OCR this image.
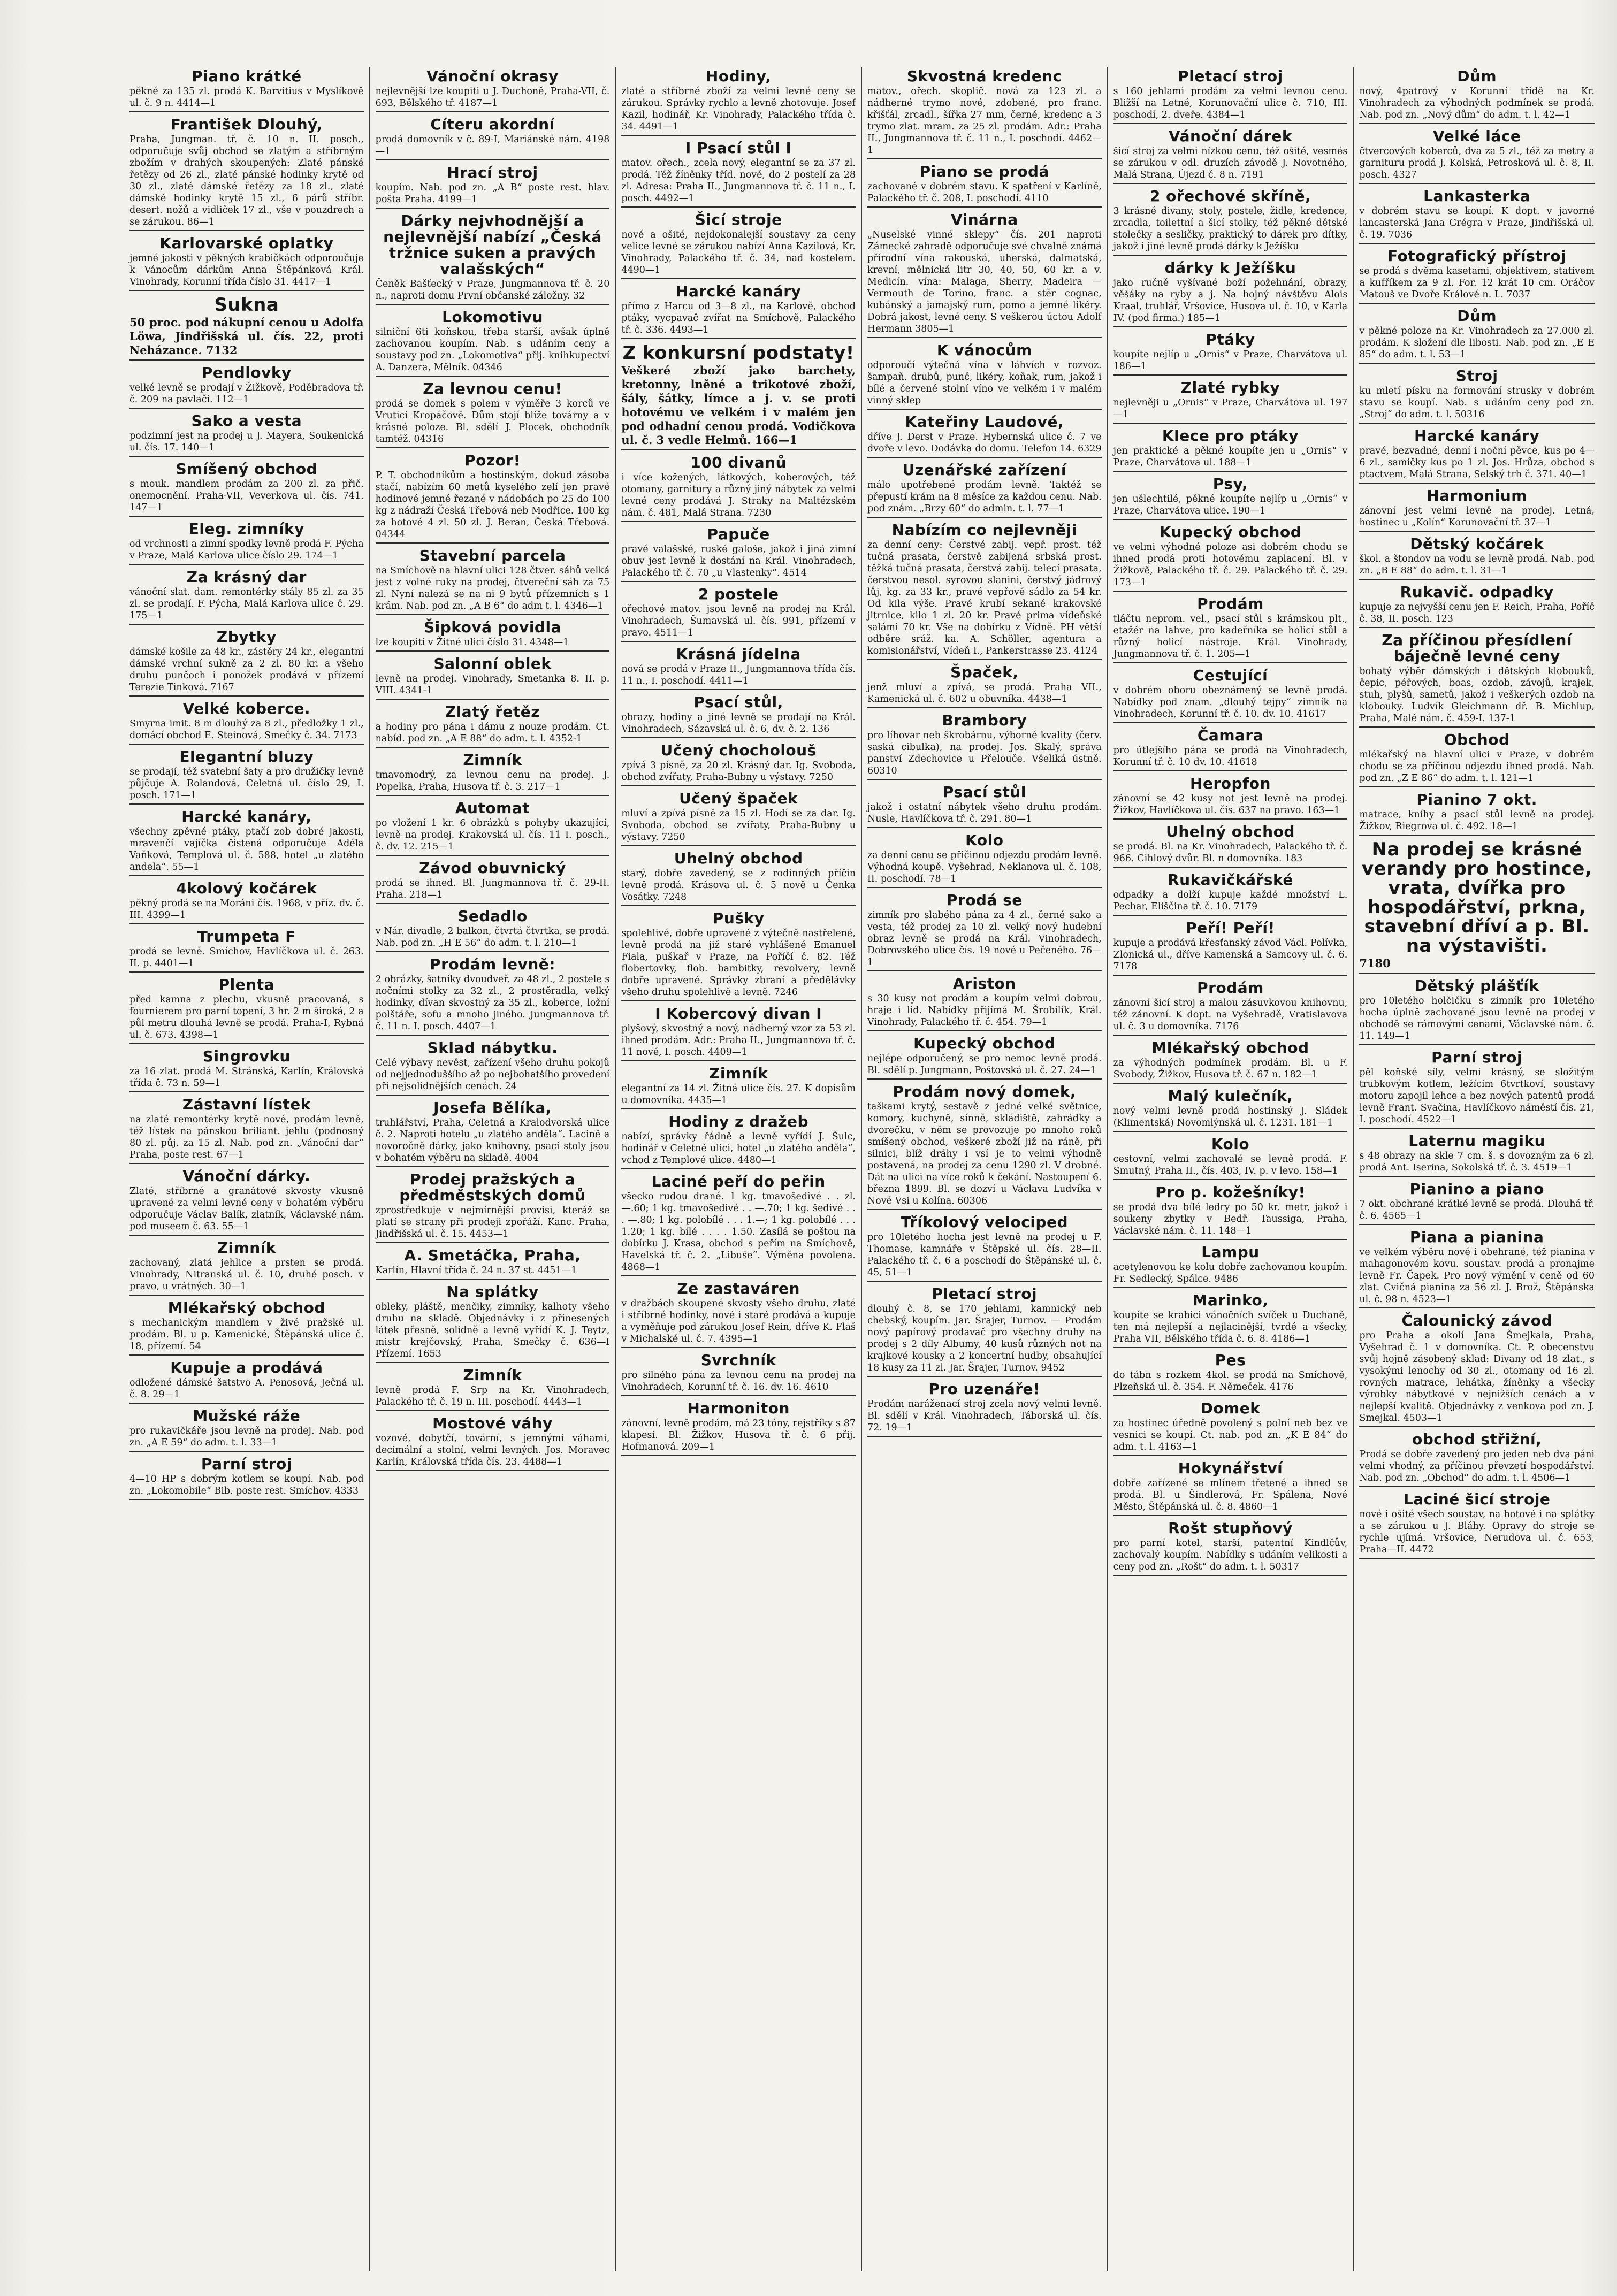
Piano krátké

pěkné za 135 zl. prodá K. Barvitius v Myslíkově ul. č. 9 n. 4414—1

František Dlouhý,

Praha, Jungman. tř. č. 10 n. II. posch., odporučuje svůj obchod se zlatým a stříbrným zbožím v drahých skoupených: Zlaté pánské řetězy od 26 zl., zlaté pánské hodinky krytě od 30 zl., zlaté dámské řetězy za 18 zl., zlaté dámské hodinky krytě 15 zl., 6 párů stříbr. desert. nožů a vidliček 17 zl., vše v pouzdrech a se zárukou. 86—1

Karlovarské oplatky

jemné jakosti v pěkných krabičkách odporoučuje k Vánocům dárkům Anna Štěpánková Král. Vinohrady, Korunní třída číslo 31. 4417—1

Sukna

50 proc. pod nákupní cenou u Adolfa Löwa, Jindřišská ul. čís. 22, proti Neházance. 7132

Pendlovky

velké levně se prodají v Žižkově, Poděbradova tř. č. 209 na pavlači. 112—1

Sako a vesta

podzimní jest na prodej u J. Mayera, Soukenická ul. čís. 17. 140—1

Smíšený obchod

s mouk. mandlem prodám za 200 zl. za přič. onemocnění. Praha-VII, Veverkova ul. čís. 741. 147—1

Eleg. zimníky

od vrchnosti a zimní spodky levně prodá F. Pýcha v Praze, Malá Karlova ulice číslo 29. 174—1

Za krásný dar

vánoční slat. dam. remontérky stály 85 zl. za 35 zl. se prodají. F. Pýcha, Malá Karlova ulice č. 29. 175—1

Zbytky

dámské košile za 48 kr., zástěry 24 kr., elegantní dámské vrchní sukně za 2 zl. 80 kr. a všeho druhu punčoch i ponožek prodává v přízemí Terezie Tinková. 7167

Velké koberce.

Smyrna imit. 8 m dlouhý za 8 zl., předložky 1 zl., domácí obchod E. Steinová, Smečky č. 34. 7173

Elegantní bluzy

se prodají, též svatební šaty a pro družičky levně půjčuje A. Rolandová, Celetná ul. číslo 29, I. posch. 171—1

Harcké kanáry,

všechny zpěvné ptáky, ptačí zob dobré jakosti, mravenčí vajíčka čistená odporučuje Adéla Vaňková, Templová ul. č. 588, hotel „u zlatého andela“. 55—1

4kolový kočárek

pěkný prodá se na Moráni čís. 1968, v příz. dv. č. III. 4399—1

Trumpeta F

prodá se levně. Smíchov, Havlíčkova ul. č. 263. II. p. 4401—1

Plenta

před kamna z plechu, vkusně pracovaná, s fournierem pro parní topení, 3 hr. 2 m široká, 2 a půl metru dlouhá levně se prodá. Praha-I, Rybná ul. č. 673. 4398—1

Singrovku

za 16 zlat. prodá M. Stránská, Karlín, Královská třída č. 73 n. 59—1

Zástavní lístek

na zlaté remontérky krytě nové, prodám levně, též lístek na pánskou briliant. jehlu (podnosný 80 zl. půj. za 15 zl. Nab. pod zn. „Vánoční dar“ Praha, poste rest. 67—1

Vánoční dárky.

Zlaté, stříbrné a granátové skvosty vkusně upravené za velmi levné ceny v bohatém výběru odporučuje Václav Balík, zlatník, Václavské nám. pod museem č. 63. 55—1

Zimník

zachovaný, zlatá jehlice a prsten se prodá. Vinohrady, Nitranská ul. č. 10, druhé posch. v pravo, u vrátných. 30—1

Mlékařský obchod

s mechanickým mandlem v živé pražské ul. prodám. Bl. u p. Kamenické, Štěpánská ulice č. 18, přízemí. 54

Kupuje a prodává

odložené dámské šatstvo A. Penosová, Ječná ul. č. 8. 29—1

Mužské ráže

pro rukavičkáře jsou levně na prodej. Nab. pod zn. „A E 59“ do adm. t. l. 33—1

Parní stroj

4—10 HP s dobrým kotlem se koupí. Nab. pod zn. „Lokomobile“ Bib. poste rest. Smíchov. 4333

Vánoční okrasy

nejlevnější lze koupiti u J. Duchoně, Praha-VII, č. 693, Bělského tř. 4187—1

Cíteru akordní

prodá domovník v č. 89-I, Mariánské nám. 4198—1

Hrací stroj

koupím. Nab. pod zn. „A B“ poste rest. hlav. pošta Praha. 4199—1

Dárky nejvhodnější a nejlevnější nabízí „Česká tržnice suken a pravých valašských“

Čeněk Bašťecký v Praze, Jungmannova tř. č. 20 n., naproti domu První občanské záložny. 32

Lokomotivu

silniční 6ti koňskou, třeba starší, avšak úplně zachovanou koupím. Nab. s udáním ceny a soustavy pod zn. „Lokomotiva“ přij. knihkupectví A. Danzera, Mělník. 04346

Za levnou cenu!

prodá se domek s polem v výměře 3 korců ve Vrutici Kropáčově. Dům stojí blíže továrny a v krásné poloze. Bl. sdělí J. Plocek, obchodník tamtéž. 04316

Pozor!

P. T. obchodníkům a hostinským, dokud zásoba stačí, nabízím 60 metů kyselého zelí jen pravé hodinové jemné řezané v nádobách po 25 do 100 kg z nádraží Česká Třebová neb Modřice. 100 kg za hotové 4 zl. 50 zl. J. Beran, Česká Třebová. 04344

Stavební parcela

na Smíchově na hlavní ulici 128 čtver. sáhů velká jest z volné ruky na prodej, čtvereční sáh za 75 zl. Nyní nalezá se na ni 9 bytů přízemních s 1 krám. Nab. pod zn. „A B 6“ do adm t. l. 4346—1

Šipková povidla

lze koupiti v Žitné ulici číslo 31. 4348—1

Salonní oblek

levně na prodej. Vinohrady, Smetanka 8. II. p. VIII. 4341-1

Zlatý řetěz

a hodiny pro pána i dámu z nouze prodám. Ct. nabíd. pod zn. „A E 88“ do adm. t. l. 4352-1

Zimník

tmavomodrý, za levnou cenu na prodej. J. Popelka, Praha, Husova tř. č. 3. 217—1

Automat

po vložení 1 kr. 6 obrázků s pohyby ukazující, levně na prodej. Krakovská ul. čís. 11 I. posch., č. dv. 12. 215—1

Závod obuvnický

prodá se ihned. Bl. Jungmannova tř. č. 29-II. Praha. 218—1

Sedadlo

v Nár. divadle, 2 balkon, čtvrtá čtvrtka, se prodá. Nab. pod zn. „H E 56“ do adm. t. l. 210—1

Prodám levně:

2 obrázky, šatníky dvoudveř. za 48 zl., 2 postele s nočními stolky za 32 zl., 2 prostěradla, velký hodinky, dívan skvostný za 35 zl., koberce, ložní polštáře, sofu a mnoho jiného. Jungmannova tř. č. 11 n. I. posch. 4407—1

Sklad nábytku.

Celé výbavy nevěst, zařízení všeho druhu pokojů od nejjednoduššího až po nejbohatšího provedení při nejsolidnějších cenách. 24

Josefa Bělíka,

truhlářství, Praha, Celetná a Kralodvorská ulice č. 2. Naproti hotelu „u zlatého anděla“. Lacině a novoročně dárky, jako knihovny, psací stoly jsou v bohatém výběru na skladě. 4004

Prodej pražských a předměstských domů

zprostředkuje v nejmírnější provisi, kteráž se platí se strany při prodeji zpořáží. Kanc. Praha, Jindřišská ul. č. 15. 4453—1

A. Smetáčka, Praha,

Karlín, Hlavní třída č. 24 n. 37 st. 4451—1

Na splátky

obleky, pláště, menčiky, zimníky, kalhoty všeho druhu na skladě. Objednávky i z přinesených látek přesně, solidně a levně vyřídí K. J. Teytz, mistr krejčovský, Praha, Smečky č. 636—I Přízemí. 1653

Zimník

levně prodá F. Srp na Kr. Vinohradech, Palackého tř. č. 19 n. III. poschodí. 4443—1

Mostové váhy

vozové, dobytčí, tovární, s jemnými váhami, decimální a stolní, velmi levných. Jos. Moravec Karlín, Královská třída čís. 23. 4488—1

Hodiny,

zlaté a stříbrné zboží za velmi levné ceny se zárukou. Správky rychlo a levně zhotovuje. Josef Kazil, hodinář, Kr. Vinohrady, Palackého třída č. 34. 4491—1

I Psací stůl I

matov. ořech., zcela nový, elegantní se za 37 zl. prodá. Též žíněnky tříd. nové, do 2 postelí za 28 zl. Adresa: Praha II., Jungmannova tř. č. 11 n., I. posch. 4492—1

Šicí stroje

nové a ošité, nejdokonalejší soustavy za ceny velice levné se zárukou nabízí Anna Kazilová, Kr. Vinohrady, Palackého tř. č. 34, nad kostelem. 4490—1

Harcké kanáry

přímo z Harcu od 3—8 zl., na Karlově, obchod ptáky, vycpavač zvířat na Smíchově, Palackého tř. č. 336. 4493—1

Z konkursní podstaty!

Veškeré zboží jako barchety, kretonny, lněné a trikotové zboží, šály, šátky, límce a j. v. se proti hotovému ve velkém i v malém jen pod odhadní cenou prodá. Vodičkova ul. č. 3 vedle Helmů. 166—1

100 divanů

i více kožených, látkových, koberových, též otomany, garnitury a různý jiný nábytek za velmi levné ceny prodává J. Straky na Maltézském nám. č. 481, Malá Strana. 7230

Papuče

pravé valašské, ruské galoše, jakož i jiná zimní obuv jest levně k dostání na Král. Vinohradech, Palackého tř. č. 70 „u Vlastenky“. 4514

2 postele

ořechové matov. jsou levně na prodej na Král. Vinohradech, Šumavská ul. čís. 991, přízemí v pravo. 4511—1

Krásná jídelna

nová se prodá v Praze II., Jungmannova třída čís. 11 n., I. poschodí. 4411—1

Psací stůl,

obrazy, hodiny a jiné levně se prodají na Král. Vinohradech, Sázavská ul. č. 6, dv. č. 2. 136

Učený chocholouš

zpívá 3 písně, za 20 zl. Krásný dar. Ig. Svoboda, obchod zvířaty, Praha-Bubny u výstavy. 7250

Učený špaček

mluví a zpívá písně za 15 zl. Hodí se za dar. Ig. Svoboda, obchod se zvířaty, Praha-Bubny u výstavy. 7250

Uhelný obchod

starý, dobře zavedený, se z rodinných příčin levně prodá. Krásova ul. č. 5 nově u Čenka Vosátky. 7248

Pušky

spolehlivé, dobře upravené z výtečně nastřelené, levně prodá na již staré vyhlášené Emanuel Fiala, puškař v Praze, na Poříčí č. 82. Též flobertovky, flob. bambitky, revolvery, levně dobře upravené. Správky zbraní a předělávky všeho druhu spolehlivě a levně. 7246

I Kobercový divan I

plyšový, skvostný a nový, nádherný vzor za 53 zl. ihned prodám. Adr.: Praha II., Jungmannova tř. č. 11 nové, I. posch. 4409—1

Zimník

elegantní za 14 zl. Žitná ulice čís. 27. K dopisům u domovníka. 4435—1

Hodiny z dražeb

nabízí, správky řádně a levně vyřídí J. Šulc, hodinář v Celetné ulici, hotel „u zlatého anděla“, vchod z Templové ulice. 4480—1

Laciné peří do peřin

všecko rudou drané. 1 kg. tmavošedivé . . zl. —.60; 1 kg. tmavošedivé . . —.70; 1 kg. šedivé . . . —.80; 1 kg. polobílé . . . 1.—; 1 kg. polobílé . . . 1.20; 1 kg. bílé . . . . 1.50. Zasílá se poštou na dobírku J. Krasa, obchod s peřím na Smíchově, Havelská tř. č. 2. „Libuše“. Výměna povolena. 4868—1

Ze zastaváren

v dražbách skoupené skvosty všeho druhu, zlaté i stříbrné hodinky, nové i staré prodává a kupuje a vyměňuje pod zárukou Josef Rein, dříve K. Flaš v Michalské ul. č. 7. 4395—1

Svrchník

pro silného pána za levnou cenu na prodej na Vinohradech, Korunní tř. č. 16. dv. 16. 4610

Harmoniton

zánovní, levně prodám, má 23 tóny, rejstříky s 87 klapesi. Bl. Žižkov, Husova tř. č. 6 přij. Hofmanová. 209—1

Skvostná kredenc

matov., ořech. skoplič. nová za 123 zl. a nádherné trymo nové, zdobené, pro franc. křišťál, zrcadl., šířka 27 mm, černé, kredenc a 3 trymo zlat. mram. za 25 zl. prodám. Adr.: Praha II., Jungmannova tř. č. 11 n., I. poschodí. 4462—1

Piano se prodá

zachované v dobrém stavu. K spatření v Karlíně, Palackého tř. č. 208, I. poschodí. 4110

Vinárna

„Nuselské vinné sklepy“ čís. 201 naproti Zámecké zahradě odporučuje své chvalně známá přírodní vína rakouská, uherská, dalmatská, krevní, mělnická litr 30, 40, 50, 60 kr. a v. Medicín. vína: Malaga, Sherry, Madeira — Vermouth de Torino, franc. a stěr cognac, kubánský a jamajský rum, pomo a jemné likéry. Dobrá jakost, levné ceny. S veškerou úctou Adolf Hermann 3805—1

K vánocům

odporoučí výtečná vína v láhvích v rozvoz. šampaň. drubů, punč, likéry, koňak, rum, jakož i bílé a červené stolní víno ve velkém i v malém vinný sklep

Kateřiny Laudové,

dříve J. Derst v Praze. Hybernská ulice č. 7 ve dvoře v levo. Dodávka do domu. Telefon 14. 6329

Uzenářské zařízení

málo upotřebené prodám levně. Taktéž se přepustí krám na 8 měsíce za každou cenu. Nab. pod znám. „Brzy 60“ do admin. t. l. 77—1

Nabízím co nejlevněji

za denní ceny: Čerstvé zabij. vepř. prost. též tučná prasata, čerstvě zabijená srbská prost. těžká tučná prasata, čerstvá zabij. telecí prasata, čerstvou nesol. syrovou slanini, čerstvý jádrový lůj, kg. za 33 kr., pravé vepřové sádlo za 54 kr. Od kila výše. Pravé krubí sekané krakovské jitrnice, kilo 1 zl. 20 kr. Pravé prima vídeňské salámi 70 kr. Vše na dobírku z Vídně. PH větší odběre sráž. ka. A. Schöller, agentura a komisionářství, Vídeň I., Pankerstrasse 23. 4124

Špaček,

jenž mluví a zpívá, se prodá. Praha VII., Kamenická ul. č. 602 u obuvníka. 4438—1

Brambory

pro líhovar neb škrobárnu, výborné kvality (červ. saská cibulka), na prodej. Jos. Skalý, správa panství Zdechovice u Přelouče. Všeliká ústně. 60310

Psací stůl

jakož i ostatní nábytek všeho druhu prodám. Nusle, Havlíčkova tř. č. 291. 80—1

Kolo

za denní cenu se přičinou odjezdu prodám levně. Výhodná koupě. Vyšehrad, Neklanova ul. č. 108, II. poschodí. 78—1

Prodá se

zimník pro slabého pána za 4 zl., černé sako a vesta, též prodej za 10 zl. velký nový hudební obraz levně se prodá na Král. Vinohradech, Dobrovského ulice čís. 19 nové u Pečeného. 76—1

Ariston

s 30 kusy not prodám a koupím velmi dobrou, hraje i lid. Nabídky přijímá M. Šrobilík, Král. Vinohrady, Palackého tř. č. 454. 79—1

Kupecký obchod

nejlépe odporučený, se pro nemoc levně prodá. Bl. sdělí p. Jungmann, Poštovská ul. č. 27. 24—1

Prodám nový domek,

taškami krytý, sestavě z jedné velké světnice, komory, kuchyně, sínně, skládiště, zahrádky a dvorečku, v něm se provozuje po mnoho roků smíšený obchod, veškeré zboží již na ráně, při silnici, blíž dráhy i vsí je to velmi výhodně postavená, na prodej za cenu 1290 zl. V drobné. Dát na ulici na více roků k čekání. Nastoupení 6. března 1899. Bl. se dozví u Václava Ludvíka v Nové Vsi u Kolína. 60306

Tříkolový velociped

pro 10letého hocha jest levně na prodej u F. Thomase, kamnáře v Štěpské ul. čís. 28—II. Palackého tř. č. 6 a poschodí do Štěpánské ul. č. 45, 51—1

Pletací stroj

dlouhý č. 8, se 170 jehlami, kamnický neb chebský, koupím. Jar. Šrajer, Turnov. — Prodám nový papírový prodavač pro všechny druhy na prodej s 2 díly Albumy, 40 kusů různých not na krajkové kousky a 2 koncertní hudby, obsahující 18 kusy za 11 zl. Jar. Šrajer, Turnov. 9452

Pro uzenáře!

Prodám naráženací stroj zcela nový velmi levně. Bl. sdělí v Král. Vinohradech, Táborská ul. čís. 72. 19—1

Pletací stroj

s 160 jehlami prodám za velmi levnou cenu. Bližší na Letné, Korunovační ulice č. 710, III. poschodí, 2. dveře. 4384—1

Vánoční dárek

šicí stroj za velmi nízkou cenu, též ošité, vesmés se zárukou v odl. druzích závodě J. Novotného, Malá Strana, Újezd č. 8 n. 7191

2 ořechové skříně,

3 krásné divany, stoly, postele, židle, kredence, zrcadla, toilettní a šicí stolky, též pěkné dětské stolečky a sesličky, praktický to dárek pro dítky, jakož i jiné levně prodá dárky k Ježíšku

dárky k Ježíšku

jako ručně vyšívané boží požehnání, obrazy, věšáky na ryby a j. Na hojný návštěvu Alois Kraal, truhlář, Vršovice, Husova ul. č. 10, v Karla IV. (pod firma.) 185—1

Ptáky

koupíte nejlíp u „Ornis“ v Praze, Charvátova ul. 186—1

Zlaté rybky

nejlevněji u „Ornis“ v Praze, Charvátova ul. 197—1

Klece pro ptáky

jen praktické a pěkné koupíte jen u „Ornis“ v Praze, Charvátova ul. 188—1

Psy,

jen ušlechtilé, pěkné koupíte nejlíp u „Ornis“ v Praze, Charvátova ulice. 190—1

Kupecký obchod

ve velmi výhodné poloze asi dobrém chodu se ihned prodá proti hotovému zaplacení. Bl. v Žižkově, Palackého tř. č. 29. Palackého tř. č. 29. 173—1

Prodám

tláčtu neprom. vel., psací stůl s krámskou plt., etažér na lahve, pro kadeřníka se holicí stůl a různý holicí nástroje. Král. Vinohrady, Jungmannova tř. č. 1. 205—1

Cestující

v dobrém oboru obeznámený se levně prodá. Nabídky pod znam. „dlouhý tejpy“ zimník na Vinohradech, Korunní tř. č. 10. dv. 10. 41617

Čamara

pro útlejšího pána se prodá na Vinohradech, Korunní tř. č. 10 dv. 10. 41618

Heropfon

zánovní se 42 kusy not jest levně na prodej. Žižkov, Havlíčkova ul. čís. 637 na pravo. 163—1

Uhelný obchod

se prodá. Bl. na Kr. Vinohradech, Palackého tř. č. 966. Cihlový dvůr. Bl. n domovníka. 183

Rukavičkářské

odpadky a dolží kupuje každé množství L. Pechar, Eliščina tř. č. 10. 7179

Peří! Peří!

kupuje a prodává křesťanský závod Václ. Polívka, Zlonická ul., dříve Kamenská a Samcovy ul. č. 6. 7178

Prodám

zánovní šicí stroj a malou zásuvkovou knihovnu, též zánovní. K dopt. na Vyšehradě, Vratislavova ul. č. 3 u domovníka. 7176

Mlékařský obchod

za výhodných podmínek prodám. Bl. u F. Svobody, Žižkov, Husova tř. č. 67 n. 182—1

Malý kulečník,

nový velmi levně prodá hostinský J. Sládek (Klimentská) Novomlýnská ul. č. 1231. 181—1

Kolo

cestovní, velmi zachovalé se levně prodá. F. Smutný, Praha II., čís. 403, IV. p. v levo. 158—1

Pro p. kožešníky!

se prodá dva bílé ledry po 50 kr. metr, jakož i soukeny zbytky v Bedř. Taussiga, Praha, Václavské nám. č. 11. 148—1

Lampu

acetylenovou ke kolu dobře zachovanou koupím. Fr. Sedlecký, Spálce. 9486

Marinko,

koupíte se krabici vánočních svíček u Duchaně, ten má nejlepší a nejlacinější, tvrdé a všecky, Praha VII, Bělského třída č. 6. 8. 4186—1

Pes

do tábn s rozkem 4kol. se prodá na Smíchově, Plzeňská ul. č. 354. F. Němeček. 4176

Domek

za hostinec úředně povolený s polní neb bez ve vesnici se koupí. Ct. nab. pod zn. „K E 84“ do adm. t. l. 4163—1

Hokynářství

dobře zařízené se mlínem třetené a ihned se prodá. Bl. u Šindlerová, Fr. Spálena, Nové Město, Štěpánská ul. č. 8. 4860—1

Rošt stupňový

pro parní kotel, starší, patentní Kindlčův, zachovalý koupím. Nabídky s udáním velikosti a ceny pod zn. „Rošt“ do adm. t. l. 50317

Dům

nový, 4patrový v Korunní třídě na Kr. Vinohradech za výhodných podmínek se prodá. Nab. pod zn. „Nový dům“ do adm. t. l. 42—1

Velké láce

čtvercových koberců, dva za 5 zl., též za metry a garnituru prodá J. Kolská, Petrosková ul. č. 8, II. posch. 4327

Lankasterka

v dobrém stavu se koupí. K dopt. v javorné lancasterská Jana Grégra v Praze, Jindřišská ul. č. 19. 7036

Fotografický přístroj

se prodá s dvěma kasetami, objektivem, stativem a kufříkem za 9 zl. For. 12 krát 10 cm. Oráčov Matouš ve Dvoře Králové n. L. 7037

Dům

v pěkné poloze na Kr. Vinohradech za 27.000 zl. prodám. K složení dle libosti. Nab. pod zn. „E E 85“ do adm. t. l. 53—1

Stroj

ku mletí písku na formování strusky v dobrém stavu se koupí. Nab. s udáním ceny pod zn. „Stroj“ do adm. t. l. 50316

Harcké kanáry

pravé, bezvadné, denní i noční pěvce, kus po 4—6 zl., samičky kus po 1 zl. Jos. Hrůza, obchod s ptactvem, Malá Strana, Selský trh č. 371. 40—1

Harmonium

zánovní jest velmi levně na prodej. Letná, hostinec u „Kolín“ Korunovační tř. 37—1

Dětský kočárek

škol. a štondov na vodu se levně prodá. Nab. pod zn. „B E 88“ do adm. t. l. 31—1

Rukavič. odpadky

kupuje za nejvyšší cenu jen F. Reich, Praha, Poříč č. 38, II. posch. 123

Za příčinou přesídlení báječně levné ceny

bohatý výběr dámských i dětských klobouků, čepic, péřových, boas, ozdob, závojů, krajek, stuh, plyšů, sametů, jakož i veškerých ozdob na klobouky. Ludvík Gleichmann dř. B. Michlup, Praha, Malé nám. č. 459-I. 137-1

Obchod

mlékařský na hlavní ulici v Praze, v dobrém chodu se za příčinou odjezdu ihned prodá. Nab. pod zn. „Z E 86“ do adm. t. l. 121—1

Pianino 7 okt.

matrace, kníhy a psací stůl levně na prodej. Žižkov, Riegrova ul. č. 492. 18—1

Na prodej se krásné verandy pro hostince, vrata, dvířka pro hospodářství, prkna, stavební dříví a p. Bl. na výstavišti.

7180

Dětský plášťík

pro 10letého holčičku s zimník pro 10letého hocha úplně zachované jsou levně na prodej v obchodě se rámovými cenami, Václavské nám. č. 11. 149—1

Parní stroj

pěl koňské síly, velmi krásný, se složitým trubkovým kotlem, ležícím 6tvrtkoví, soustavy motoru zapojil lehce a bez nových patentů prodá levně Frant. Svačina, Havlíčkovo náměstí čís. 21, I. poschodí. 4522—1

Laternu magiku

s 48 obrazy na skle 7 cm. š. s dovozným za 6 zl. prodá Ant. Iserina, Sokolská tř. č. 3. 4519—1

Pianino a piano

7 okt. obchrané krátké levně se prodá. Dlouhá tř. č. 6. 4565—1

Piana a pianina

ve velkém výběru nové i obehrané, též pianina v mahagonovém kovu. soustav. prodá a pronajme levně Fr. Čapek. Pro nový výmění v ceně od 60 zlat. Cvičná pianina za 56 zl. J. Brož, Štěpánska ul. č. 98 n. 4523—1

Čalounický závod

pro Praha a okolí Jana Šmejkala, Praha, Vyšehrad č. 1 v domovníka. Ct. P. obecenstvu svůj hojně zásobený sklad: Divany od 18 zlat., s vysokými lenochy od 30 zl., otomany od 16 zl. rovných matrace, lehátka, žíněnky a všecky výrobky nábytkové v nejnižších cenách a v nejlepší kvalitě. Objednávky z venkova pod zn. J. Smejkal. 4503—1

obchod střižní,

Prodá se dobře zavedený pro jeden neb dva páni velmi vhodný, za příčinou převzetí hospodářství. Nab. pod zn. „Obchod“ do adm. t. l. 4506—1

Laciné šicí stroje

nové i ošité všech soustav, na hotové i na splátky a se zárukou u J. Bláhy. Opravy do stroje se rychle ujímá. Vršovice, Nerudova ul. č. 653, Praha—II. 4472
